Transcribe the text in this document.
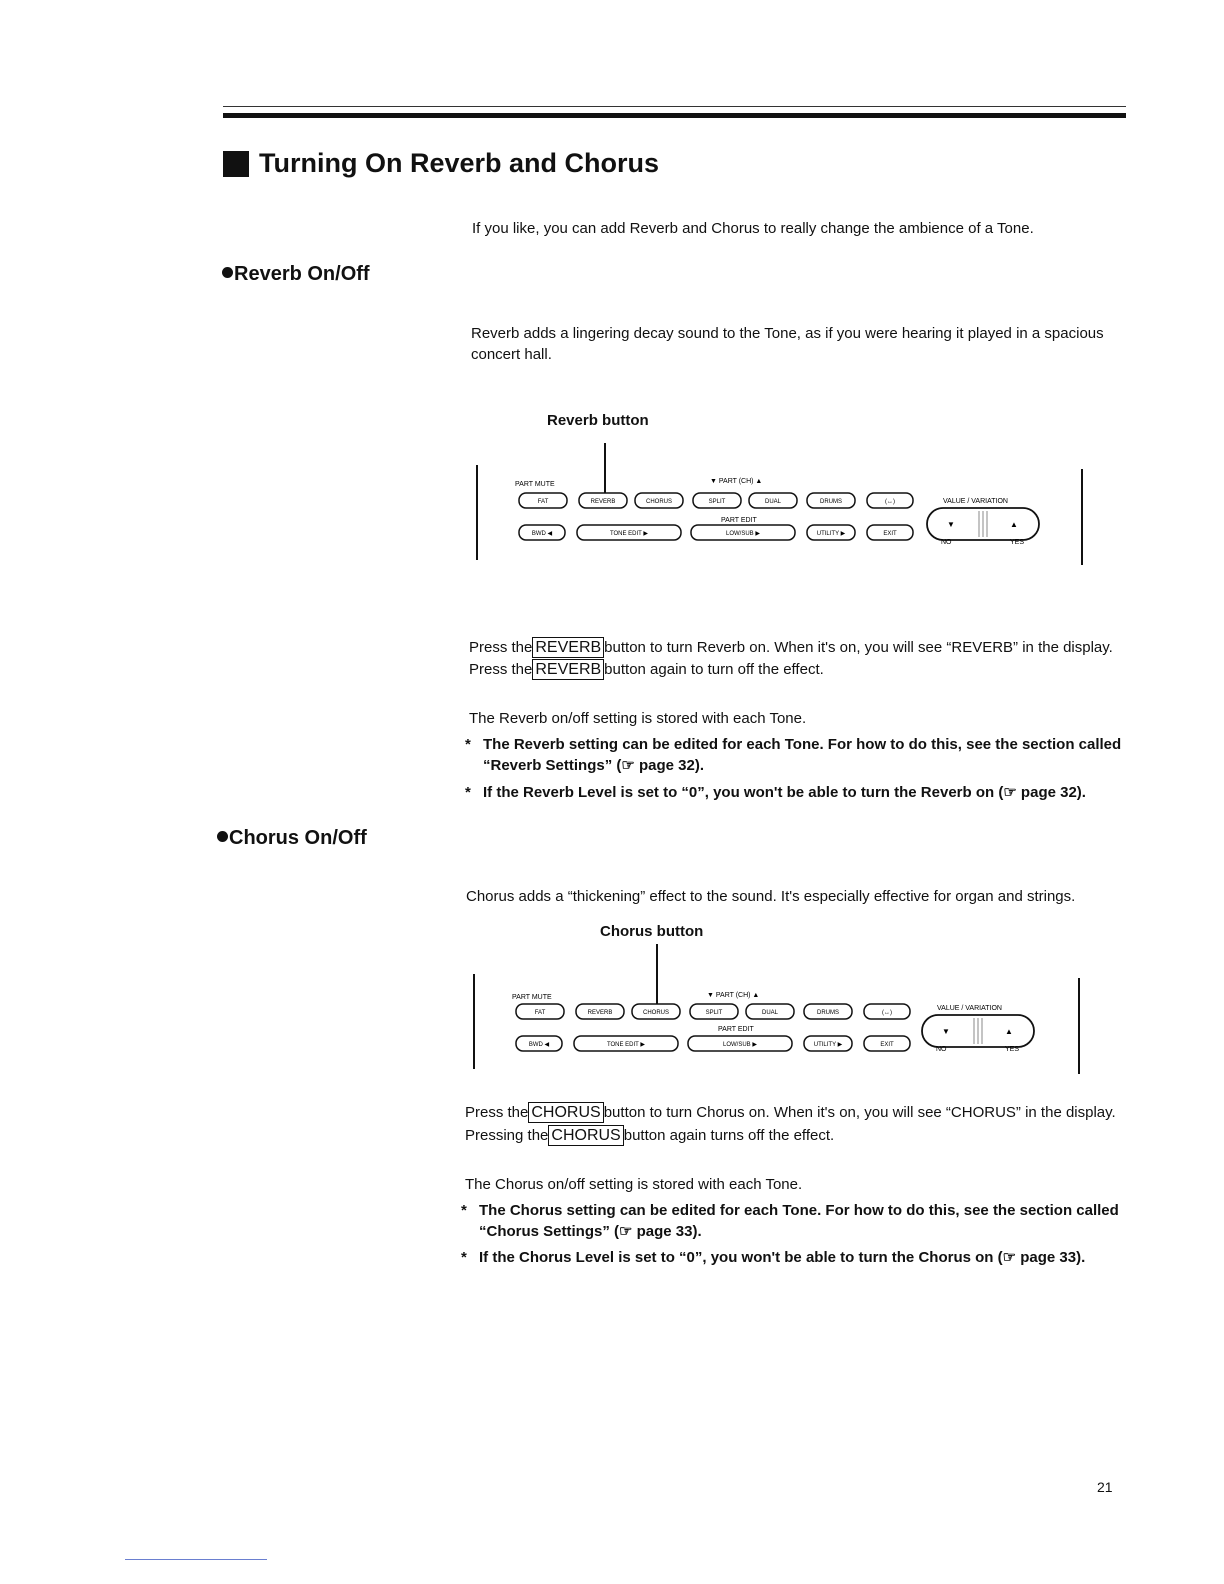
Turning On Reverb and Chorus
If you like, you can add Reverb and Chorus to really change the ambience of a Tone.
Reverb On/Off
Reverb adds a lingering decay sound to the Tone, as if you were hearing it played in a spacious
concert hall.
Reverb button
PART MUTE	▼ PART (CH) ▲
PART EDIT
VALUE / VARIATION
FAT	REVERB	CHORUS	SPLIT	DUAL	DRUMS	(↔)
BWD ◀	TONE EDIT ▶	LOW/SUB ▶	UTILITY ▶	EXIT
▼	▲
NO	YES
Press the REVERB button to turn Reverb on. When it's on, you will see “REVERB” in the display.
Press the REVERB button again to turn off the effect.
The Reverb on/off setting is stored with each Tone.
* The Reverb setting can be edited for each Tone. For how to do this, see the section called
“Reverb Settings” (☞ page 32).
* If the Reverb Level is set to “0”, you won't be able to turn the Reverb on (☞ page 32).
Chorus On/Off
Chorus adds a “thickening” effect to the sound. It's especially effective for organ and strings.
Chorus button
PART MUTE	▼ PART (CH) ▲
PART EDIT
VALUE / VARIATION
FAT	REVERB	CHORUS	SPLIT	DUAL	DRUMS	(↔)
BWD ◀	TONE EDIT ▶	LOW/SUB ▶	UTILITY ▶	EXIT
▼	▲
NO	YES
Press the CHORUS button to turn Chorus on. When it's on, you will see “CHORUS” in the display.
Pressing the CHORUS button again turns off the effect.
The Chorus on/off setting is stored with each Tone.
* The Chorus setting can be edited for each Tone. For how to do this, see the section called
“Chorus Settings” (☞ page 33).
* If the Chorus Level is set to “0”, you won't be able to turn the Chorus on (☞ page 33).
21
